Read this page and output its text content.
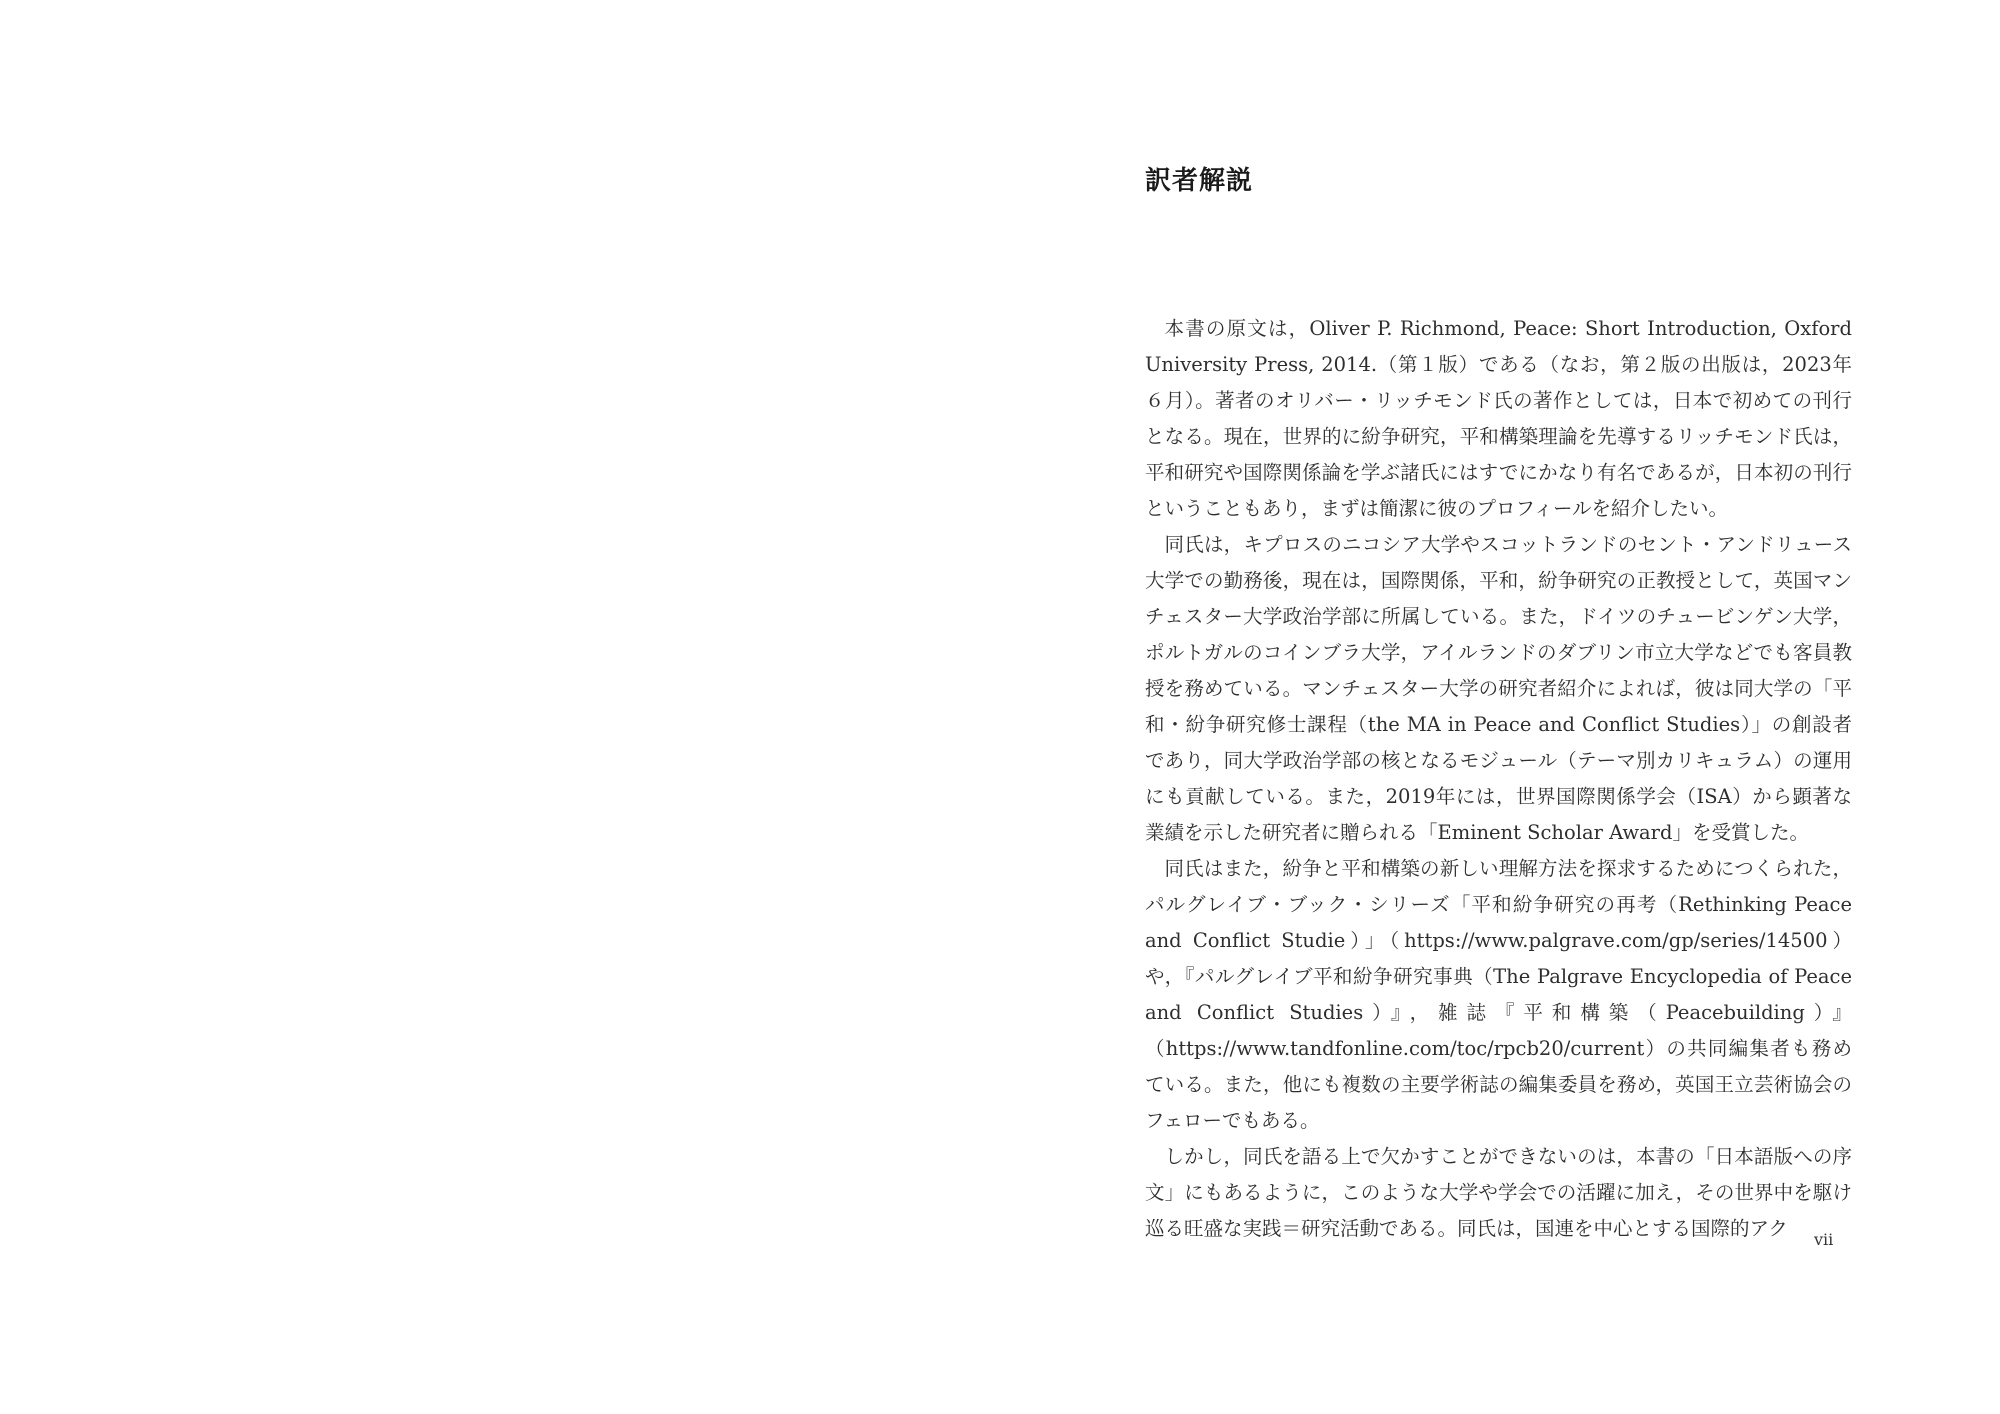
訳者解説

本書の原文は，Oliver P. Richmond, Peace: Short Introduction, Oxford University Press, 2014.（第１版）である（なお，第２版の出版は，2023年６月）。著者のオリバー・リッチモンド氏の著作としては，日本で初めての刊行となる。現在，世界的に紛争研究，平和構築理論を先導するリッチモンド氏は，平和研究や国際関係論を学ぶ諸氏にはすでにかなり有名であるが，日本初の刊行ということもあり，まずは簡潔に彼のプロフィールを紹介したい。

同氏は，キプロスのニコシア大学やスコットランドのセント・アンドリュース大学での勤務後，現在は，国際関係，平和，紛争研究の正教授として，英国マンチェスター大学政治学部に所属している。また，ドイツのチュービンゲン大学，ポルトガルのコインブラ大学，アイルランドのダブリン市立大学などでも客員教授を務めている。マンチェスター大学の研究者紹介によれば，彼は同大学の「平和・紛争研究修士課程（the MA in Peace and Conflict Studies）」の創設者であり，同大学政治学部の核となるモジュール（テーマ別カリキュラム）の運用にも貢献している。また，2019年には，世界国際関係学会（ISA）から顕著な業績を示した研究者に贈られる「Eminent Scholar Award」を受賞した。

同氏はまた，紛争と平和構築の新しい理解方法を探求するためにつくられた，パルグレイブ・ブック・シリーズ「平和紛争研究の再考（Rethinking Peace and Conflict Studie）」（https://www.palgrave.com/gp/series/14500）や，『パルグレイブ平和紛争研究事典（The Palgrave Encyclopedia of Peace and Conflict Studies）』，雑誌『平和構築（Peacebuilding）』（https://www.tandfonline.com/toc/rpcb20/current）の共同編集者も務めている。また，他にも複数の主要学術誌の編集委員を務め，英国王立芸術協会のフェローでもある。

しかし，同氏を語る上で欠かすことができないのは，本書の「日本語版への序文」にもあるように，このような大学や学会での活躍に加え，その世界中を駆け巡る旺盛な実践＝研究活動である。同氏は，国連を中心とする国際的アク	vii
